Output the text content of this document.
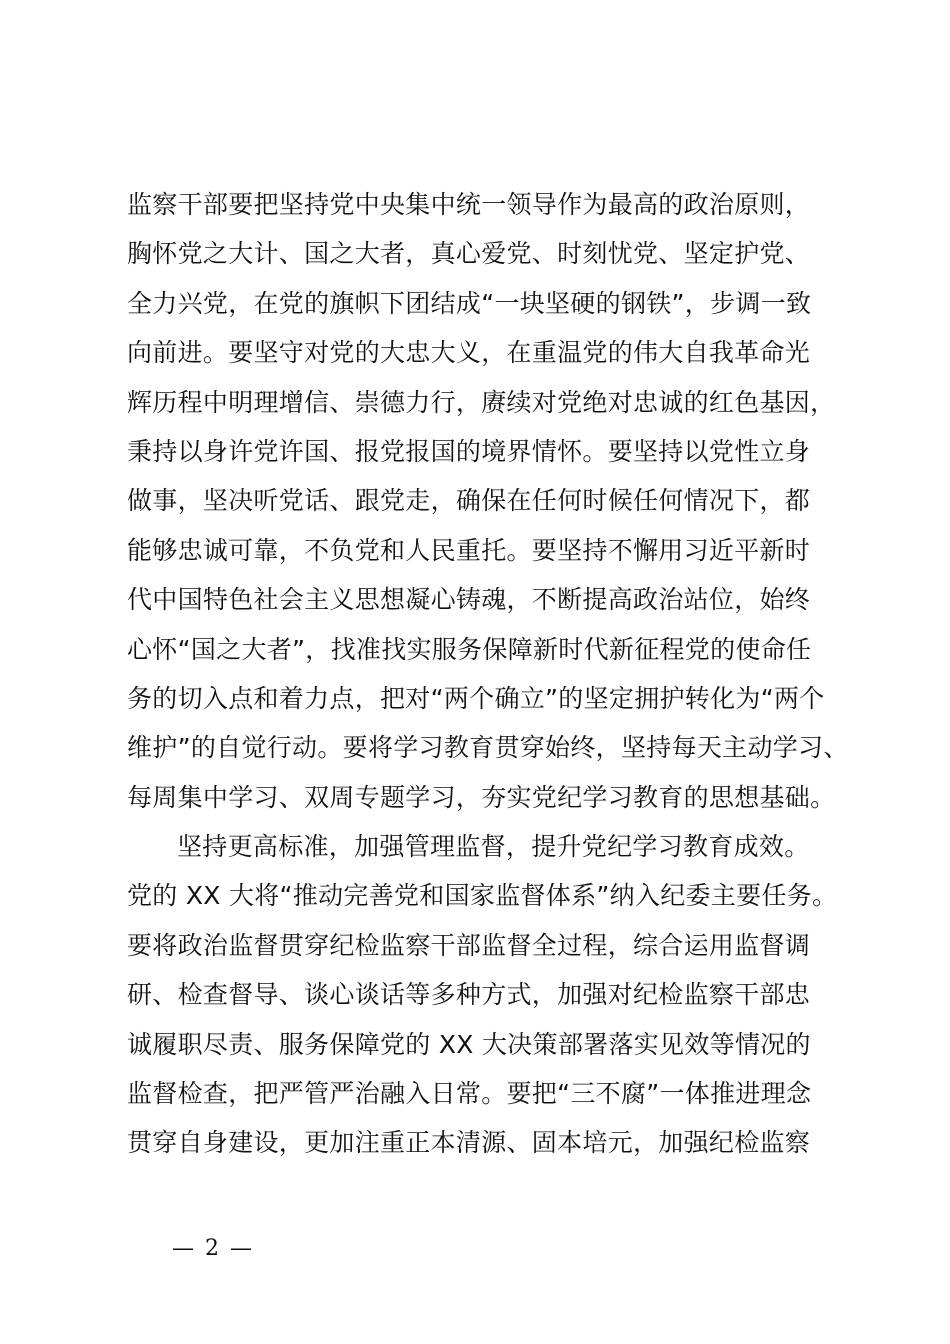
监察干部要把坚持党中央集中统一领导作为最高的政治原则，
胸怀党之大计、国之大者，真心爱党、时刻忧党、坚定护党、
全力兴党，在党的旗帜下团结成“一块坚硬的钢铁”，步调一致
向前进。要坚守对党的大忠大义，在重温党的伟大自我革命光
辉历程中明理增信、崇德力行，赓续对党绝对忠诚的红色基因，
秉持以身许党许国、报党报国的境界情怀。要坚持以党性立身
做事，坚决听党话、跟党走，确保在任何时候任何情况下，都
能够忠诚可靠，不负党和人民重托。要坚持不懈用习近平新时
代中国特色社会主义思想凝心铸魂，不断提高政治站位，始终
心怀“国之大者”，找准找实服务保障新时代新征程党的使命任
务的切入点和着力点，把对“两个确立”的坚定拥护转化为“两个
维护”的自觉行动。要将学习教育贯穿始终，坚持每天主动学习、
每周集中学习、双周专题学习，夯实党纪学习教育的思想基础。
坚持更高标准，加强管理监督，提升党纪学习教育成效。
党的 XX 大将“推动完善党和国家监督体系”纳入纪委主要任务。
要将政治监督贯穿纪检监察干部监督全过程，综合运用监督调
研、检查督导、谈心谈话等多种方式，加强对纪检监察干部忠
诚履职尽责、服务保障党的 XX 大决策部署落实见效等情况的
监督检查，把严管严治融入日常。要把“三不腐”一体推进理念
贯穿自身建设，更加注重正本清源、固本培元，加强纪检监察
— 2 —
